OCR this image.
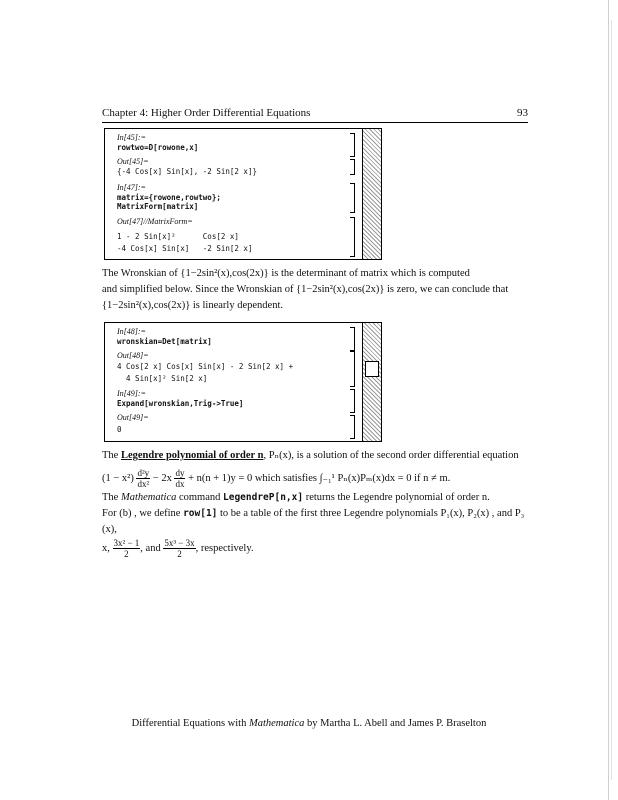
Chapter 4: Higher Order Differential Equations	93
In[45]:=
rowtwo=D[rowone,x]
Out[45]=
{-4 Cos[x] Sin[x], -2 Sin[2 x]}
In[47]:=
matrix={rowone,rowtwo};
MatrixForm[matrix]
Out[47]//MatrixForm=
1 - 2 Sin[x]²      Cos[2 x]
-4 Cos[x] Sin[x]   -2 Sin[2 x]
The Wronskian of {1−2sin²(x),cos(2x)} is the determinant of matrix which is computed
and simplified below. Since the Wronskian of {1−2sin²(x),cos(2x)} is zero, we can conclude that
{1−2sin²(x),cos(2x)} is linearly dependent.
In[48]:=
wronskian=Det[matrix]
Out[48]=
4 Cos[2 x] Cos[x] Sin[x] - 2 Sin[2 x] +
4 Sin[x]² Sin[2 x]
In[49]:=
Expand[wronskian,Trig->True]
Out[49]=
0
The Legendre polynomial of order n, Pₙ(x), is a solution of the second order differential equation
$(1 - x^2) \frac{\text{d²y}}{\text{dx²}} - 2x \frac{dy}{dx} + n(n + 1)y = 0$ which satisfies ∫₋₁¹ Pₙ(x)Pₘ(x)dx = 0 if n ≠ m.
The Mathematica command LegendreP[n,x] returns the Legendre polynomial of order n.
For (b) , we define row[1] to be a table of the first three Legendre polynomials P₁(x), P₂(x) , and P₃ (x),
x, $\frac{\text{3x² − 1}}{2}$ , and $\frac{\text{5x³ − 3x}}{2}$ , respectively.
Differential Equations with Mathematica by Martha L. Abell and James P. Braselton
